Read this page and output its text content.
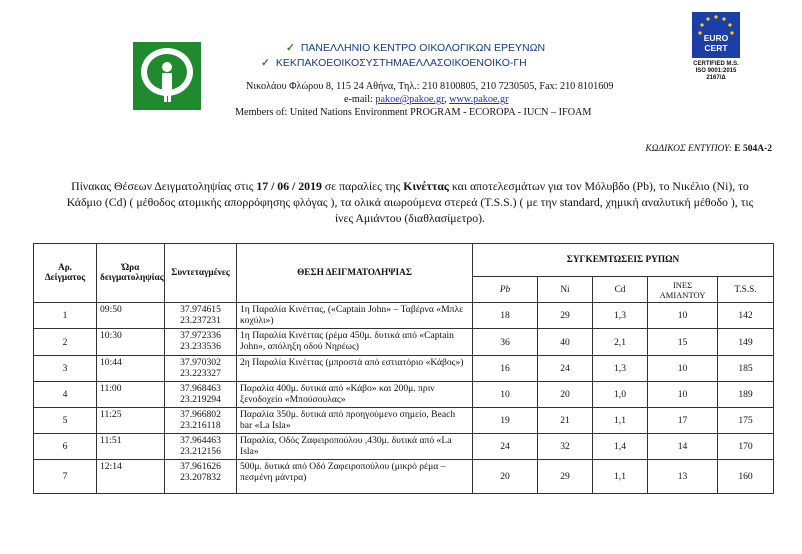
✓ ΠΑΝΕΛΛΗΝΙΟ ΚΕΝΤΡΟ ΟΙΚΟΛΟΓΙΚΩΝ ΕΡΕΥΝΩΝ
✓ ΚΕΚΠΑΚΟΕΟΙΚΟΣΥΣΤΗΜΑΕΛΛΑΣΟΙΚΟΕΝΟΙΚΟ-ΓΗ
Νικολάου Φλώρου 8, 115 24 Αθήνα, Τηλ.: 210 8100805, 210 7230505, Fax: 210 8101609
e-mail: pakoe@pakoe.gr, www.pakoe.gr
Members of: United Nations Environment PROGRAM - ECOROPA - IUCN – IFOAM
EURO
CERT
CERTIFIED M.S.
ISO 9001:2015
2167/Δ
ΚΩΔΙΚΟΣ ΕΝΤΥΠΟΥ: Ε 504Α-2
Πίνακας Θέσεων Δειγματοληψίας στις 17 / 06 / 2019 σε παραλίες της Κινέττας και αποτελεσμάτων για τον Μόλυβδο (Pb), το Νικέλιο (Ni), το Κάδμιο (Cd) ( μέθοδος ατομικής απορρόφησης φλόγας ), τα ολικά αιωρούμενα στερεά (T.S.S.) ( με την standard, χημική αναλυτική μέθοδο ), τις ίνες Αμιάντου (διαθλασίμετρο).
Αρ. Δείγματος	Ώρα δειγματοληψίας	Συντεταγμένες	ΘΕΣΗ ΔΕΙΓΜΑΤΟΛΗΨΙΑΣ	ΣΥΓΚΕΜΤΩΣΕΙΣ ΡΥΠΩΝ				
				Pb	Ni	Cd	ΙΝΕΣ ΑΜΙΑΝΤΟΥ	T.S.S.
1	09:50	37.974615
23.237231	1η Παραλία Κινέττας, («Captain John» – Ταβέρνα «Μπλε κοχύλι»)	18	29	1,3	10	142
2	10:30	37.972336
23.233536	1η Παραλία Κινέττας (ρέμα 450μ. δυτικά από «Captain John», απόληξη οδού Νηρέως)	36	40	2,1	15	149
3	10:44	37.970302
23.223327	2η Παραλία Κινέττας (μπροστά από εστιατόριο «Κάβος»)	16	24	1,3	10	185
4	11:00	37.968463
23.219294	Παραλία 400μ. δυτικά από «Κάβο» και 200μ. πριν ξενοδοχείο «Μπούσουλας»	10	20	1,0	10	189
5	11:25	37.966802
23.216118	Παραλία 350μ. δυτικά από προηγούμενο σημείο, Beach bar «La Isla»	19	21	1,1	17	175
6	11:51	37.964463
23.212156	Παραλία, Οδός Ζαφειροπούλου ,430μ. δυτικά από «La Isla»	24	32	1,4	14	170
7	12:14	37.961626
23.207832	500μ. δυτικά από Οδό Ζαφειροπούλου (μικρό ρέμα – πεσμένη μάντρα)	20	29	1,1	13	160
